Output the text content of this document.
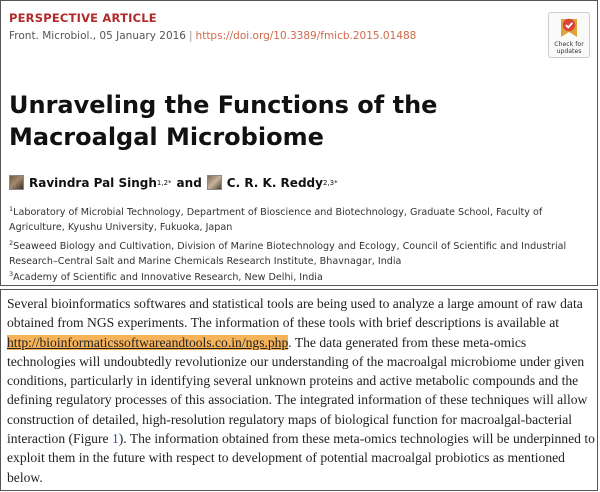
PERSPECTIVE ARTICLE
Front. Microbiol., 05 January 2016 | https://doi.org/10.3389/fmicb.2015.01488
Check for
updates
Unraveling the Functions of the Macroalgal Microbiome
Ravindra Pal Singh 1,2* and C. R. K. Reddy 2,3*
$^1$Laboratory of Microbial Technology, Department of Bioscience and Biotechnology, Graduate School, Faculty of Agriculture, Kyushu University, Fukuoka, Japan
$^2$Seaweed Biology and Cultivation, Division of Marine Biotechnology and Ecology, Council of Scientific and Industrial Research–Central Salt and Marine Chemicals Research Institute, Bhavnagar, India
$^3$Academy of Scientific and Innovative Research, New Delhi, India

Several bioinformatics softwares and statistical tools are being used to analyze a large amount of raw data obtained from NGS experiments. The information of these tools with brief descriptions is available at http://bioinformaticssoftwareandtools.co.in/ngs.php. The data generated from these meta-omics technologies will undoubtedly revolutionize our understanding of the macroalgal microbiome under given conditions, particularly in identifying several unknown proteins and active metabolic compounds and the defining regulatory processes of this association. The integrated information of these techniques will allow construction of detailed, high-resolution regulatory maps of biological function for macroalgal-bacterial interaction (Figure 1). The information obtained from these meta-omics technologies will be underpinned to exploit them in the future with respect to development of potential macroalgal probiotics as mentioned below.
